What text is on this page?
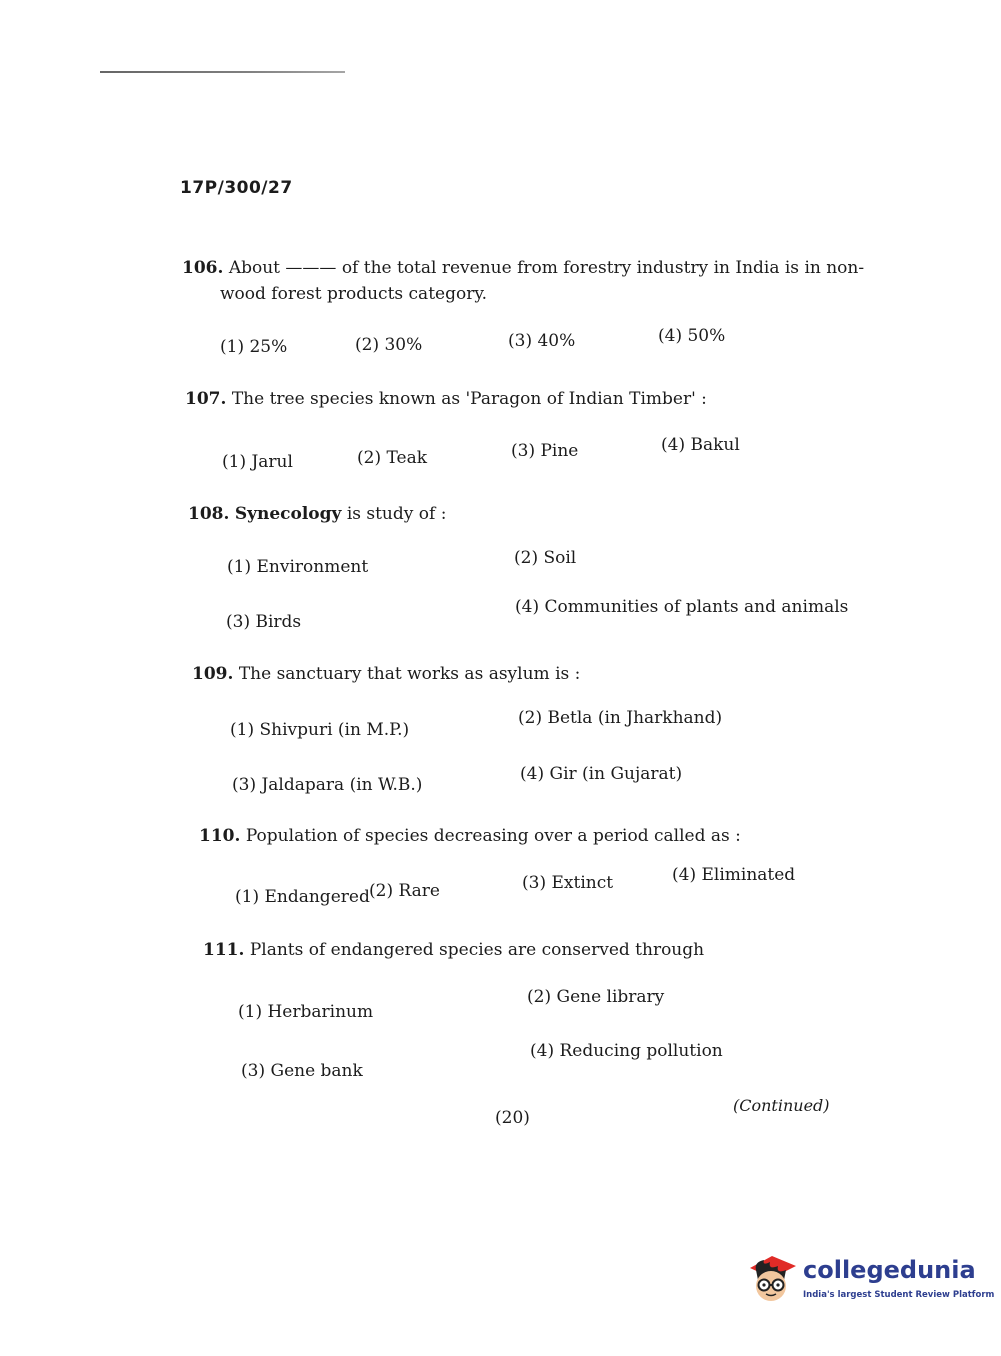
17P/300/27
106. About ——— of the total revenue from forestry industry in India is in non-
wood forest products category.
(1) 25%	(2) 30%	(3) 40%	(4) 50%
107. The tree species known as 'Paragon of Indian Timber' :
(1) Jarul	(2) Teak	(3) Pine	(4) Bakul
108. Synecology is study of :
(1) Environment	(2) Soil
(3) Birds
(4) Communities of plants and animals
109. The sanctuary that works as asylum is :
(1) Shivpuri (in M.P.)
(2) Betla (in Jharkhand)
(3) Jaldapara (in W.B.)
(4) Gir (in Gujarat)
110. Population of species decreasing over a period called as :
(1) Endangered (2) Rare	(3) Extinct	(4) Eliminated
111. Plants of endangered species are conserved through
(1) Herbarinum
(2) Gene library
(3) Gene bank
(4) Reducing pollution
(20)
(Continued)
collegedunia
India's largest Student Review Platform
